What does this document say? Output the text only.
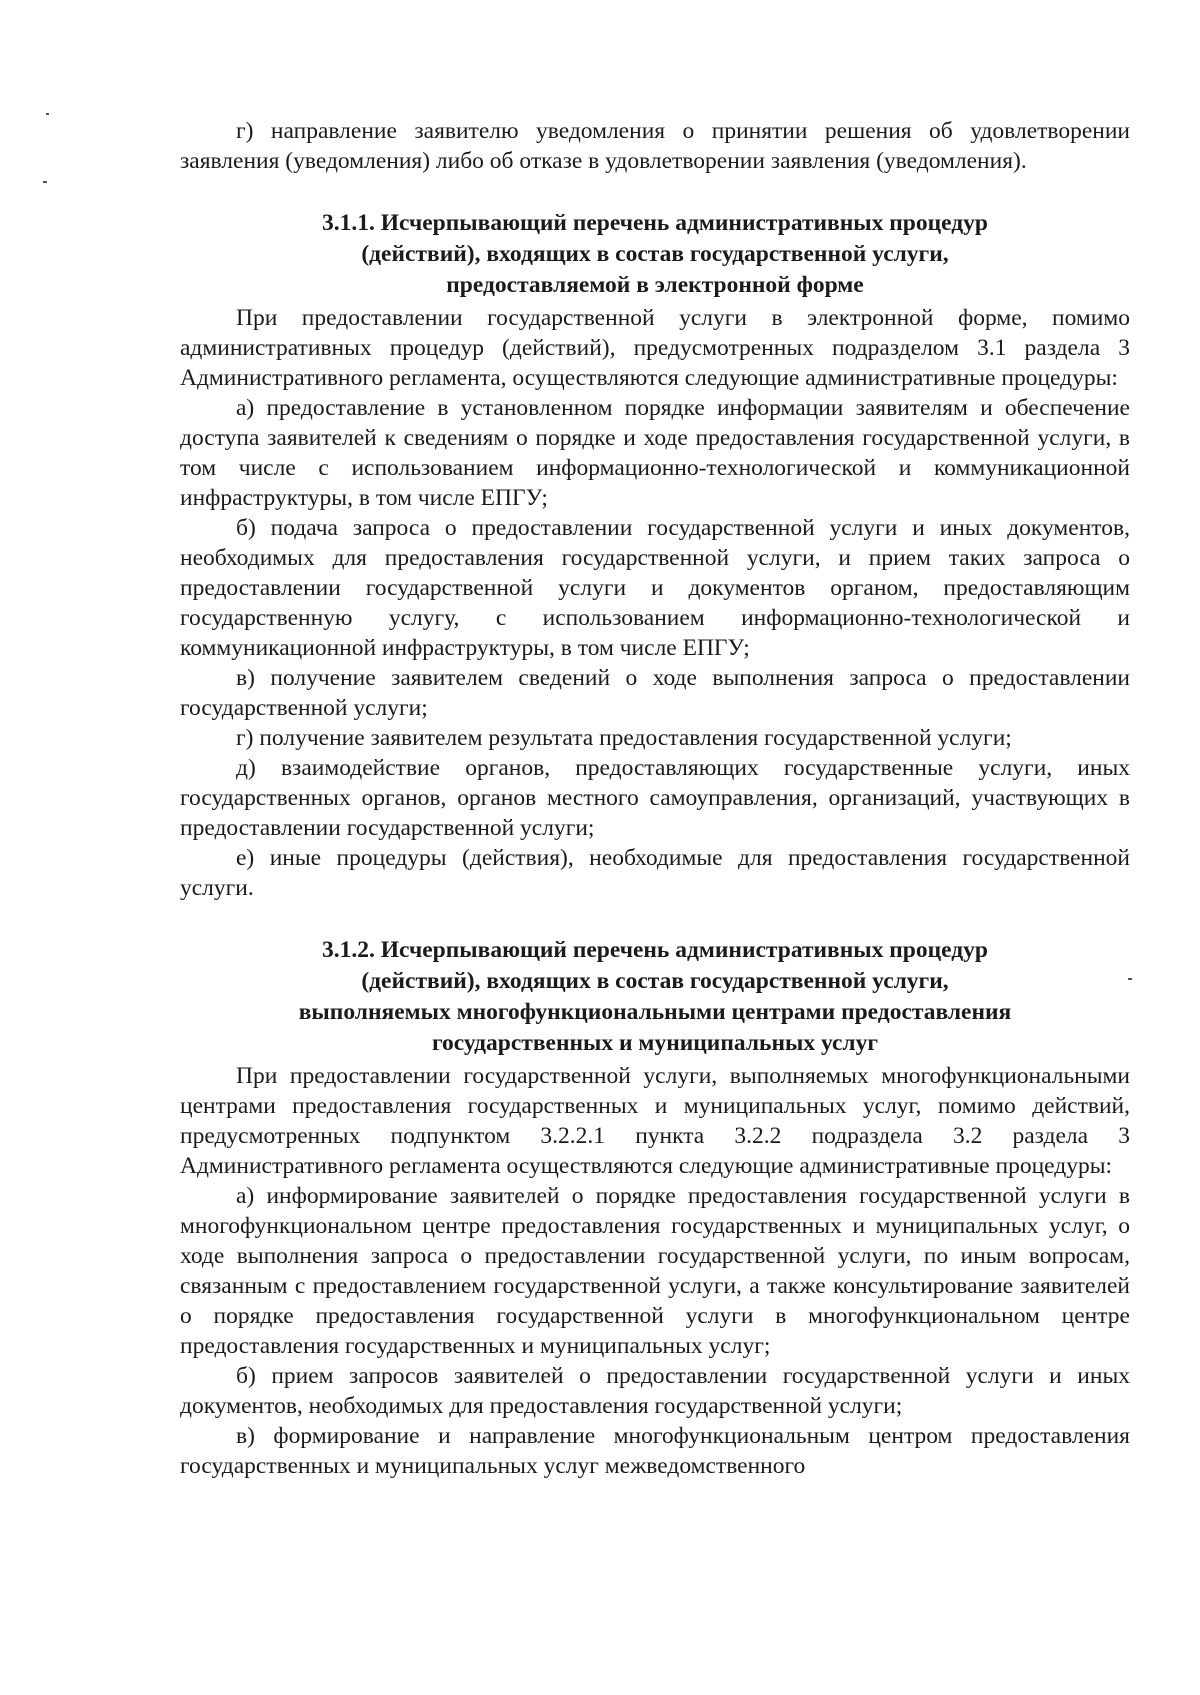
г) направление заявителю уведомления о принятии решения об удовлетворении заявления (уведомления) либо об отказе в удовлетворении заявления (уведомления).

3.1.1. Исчерпывающий перечень административных процедур
(действий), входящих в состав государственной услуги,
предоставляемой в электронной форме

При предоставлении государственной услуги в электронной форме, помимо административных процедур (действий), предусмотренных подразделом 3.1 раздела 3 Административного регламента, осуществляются следующие административные процедуры:

а) предоставление в установленном порядке информации заявителям и обеспечение доступа заявителей к сведениям о порядке и ходе предоставления государственной услуги, в том числе с использованием информационно-технологической и коммуникационной инфраструктуры, в том числе ЕПГУ;

б) подача запроса о предоставлении государственной услуги и иных документов, необходимых для предоставления государственной услуги, и прием таких запроса о предоставлении государственной услуги и документов органом, предоставляющим государственную услугу, с использованием информационно-технологической и коммуникационной инфраструктуры, в том числе ЕПГУ;

в) получение заявителем сведений о ходе выполнения запроса о предоставлении государственной услуги;

г) получение заявителем результата предоставления государственной услуги;

д) взаимодействие органов, предоставляющих государственные услуги, иных государственных органов, органов местного самоуправления, организаций, участвующих в предоставлении государственной услуги;

е) иные процедуры (действия), необходимые для предоставления государственной услуги.

3.1.2. Исчерпывающий перечень административных процедур
(действий), входящих в состав государственной услуги,
выполняемых многофункциональными центрами предоставления
государственных и муниципальных услуг

При предоставлении государственной услуги, выполняемых многофункциональными центрами предоставления государственных и муниципальных услуг, помимо действий, предусмотренных подпунктом 3.2.2.1 пункта 3.2.2 подраздела 3.2 раздела 3 Административного регламента осуществляются следующие административные процедуры:

а) информирование заявителей о порядке предоставления государственной услуги в многофункциональном центре предоставления государственных и муниципальных услуг, о ходе выполнения запроса о предоставлении государственной услуги, по иным вопросам, связанным с предоставлением государственной услуги, а также консультирование заявителей о порядке предоставления государственной услуги в многофункциональном центре предоставления государственных и муниципальных услуг;

б) прием запросов заявителей о предоставлении государственной услуги и иных документов, необходимых для предоставления государственной услуги;

в) формирование и направление многофункциональным центром предоставления государственных и муниципальных услуг межведомственного
